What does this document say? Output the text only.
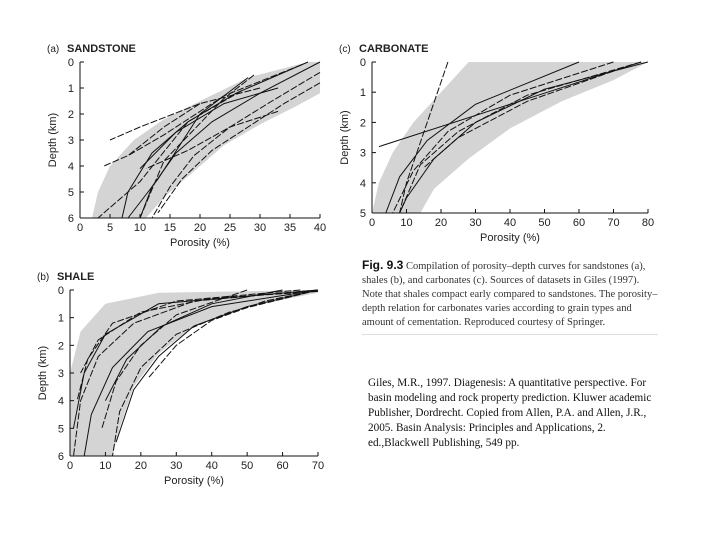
0 5 10 15 20 25 30 35 40
0
1
2
3
4
5
6
Porosity (%)
Depth (km)
(a) SANDSTONE
0 10 20 30 40 50 60 70 80
0
1
2
3
4
5
Porosity (%)
Depth (km)
(c) CARBONATE
0 10 20 30 40 50 60 70
0
1
2
3
4
5
6
Porosity (%)
Depth (km)
(b) SHALE
Fig. 9.3 Compilation of porosity–depth curves for sandstones (a), shales (b), and carbonates (c). Sources of datasets in Giles (1997). Note that shales compact early compared to sandstones. The porosity–depth relation for carbonates varies according to grain types and amount of cementation. Reproduced courtesy of Springer.
Giles, M.R., 1997. Diagenesis: A quantitative perspective. For basin modeling and rock property prediction. Kluwer academic Publisher, Dordrecht. Copied from Allen, P.A. and Allen, J.R., 2005. Basin Analysis: Principles and Applications, 2. ed.,Blackwell Publishing, 549 pp.
